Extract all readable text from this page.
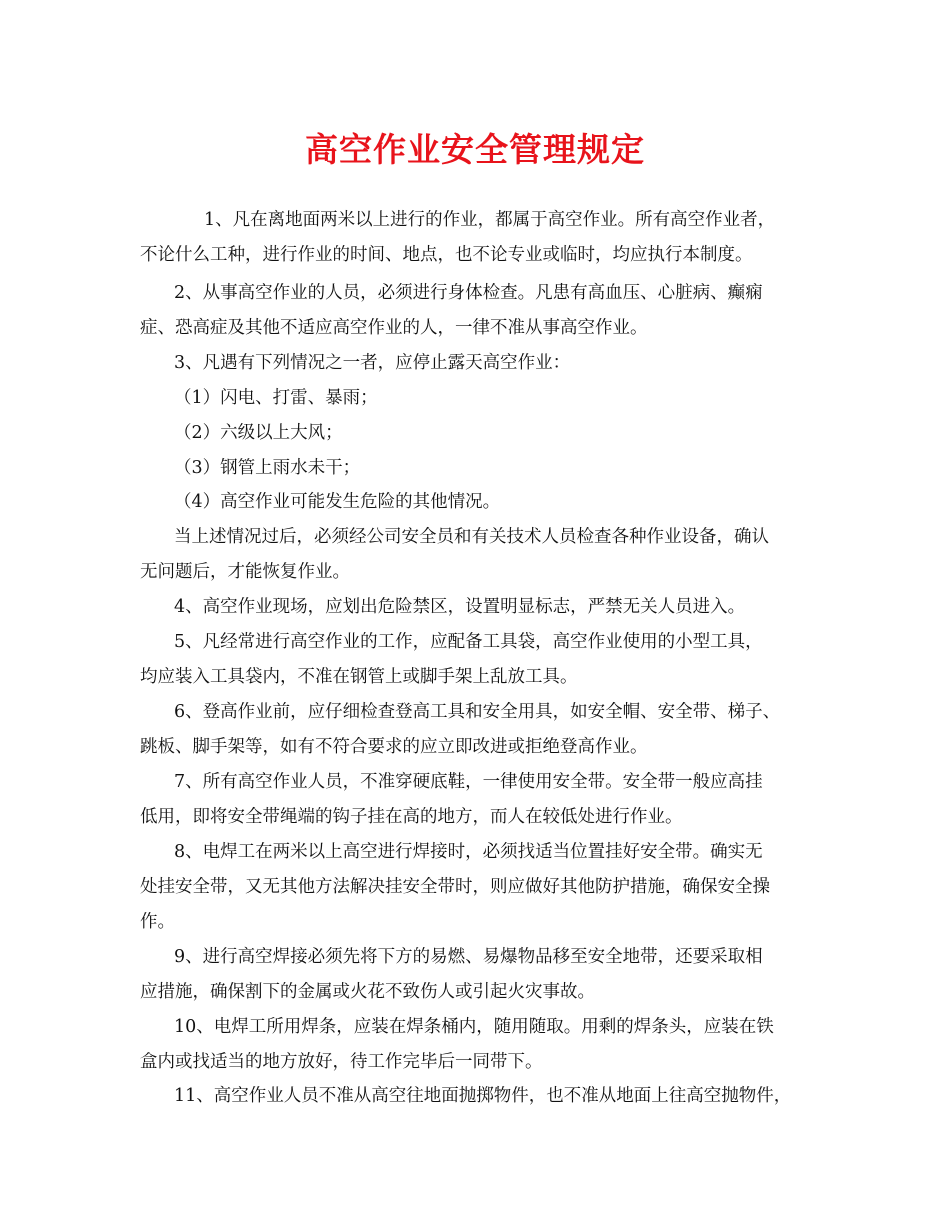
高空作业安全管理规定

1、凡在离地面两米以上进行的作业，都属于高空作业。所有高空作业者，

不论什么工种，进行作业的时间、地点，也不论专业或临时，均应执行本制度。

2、从事高空作业的人员，必须进行身体检查。凡患有高血压、心脏病、癫痫

症、恐高症及其他不适应高空作业的人，一律不准从事高空作业。

3、凡遇有下列情况之一者，应停止露天高空作业：

（1）闪电、打雷、暴雨；

（2）六级以上大风；

（3）钢管上雨水未干；

（4）高空作业可能发生危险的其他情况。

当上述情况过后，必须经公司安全员和有关技术人员检查各种作业设备，确认

无问题后，才能恢复作业。

4、高空作业现场，应划出危险禁区，设置明显标志，严禁无关人员进入。

5、凡经常进行高空作业的工作，应配备工具袋，高空作业使用的小型工具，

均应装入工具袋内，不准在钢管上或脚手架上乱放工具。

6、登高作业前，应仔细检查登高工具和安全用具，如安全帽、安全带、梯子、

跳板、脚手架等，如有不符合要求的应立即改进或拒绝登高作业。

7、所有高空作业人员，不准穿硬底鞋，一律使用安全带。安全带一般应高挂

低用，即将安全带绳端的钩子挂在高的地方，而人在较低处进行作业。

8、电焊工在两米以上高空进行焊接时，必须找适当位置挂好安全带。确实无

处挂安全带，又无其他方法解决挂安全带时，则应做好其他防护措施，确保安全操

作。

9、进行高空焊接必须先将下方的易燃、易爆物品移至安全地带，还要采取相

应措施，确保割下的金属或火花不致伤人或引起火灾事故。

10、电焊工所用焊条，应装在焊条桶内，随用随取。用剩的焊条头，应装在铁

盒内或找适当的地方放好，待工作完毕后一同带下。

11、高空作业人员不准从高空往地面抛掷物件，也不准从地面上往高空抛物件，
